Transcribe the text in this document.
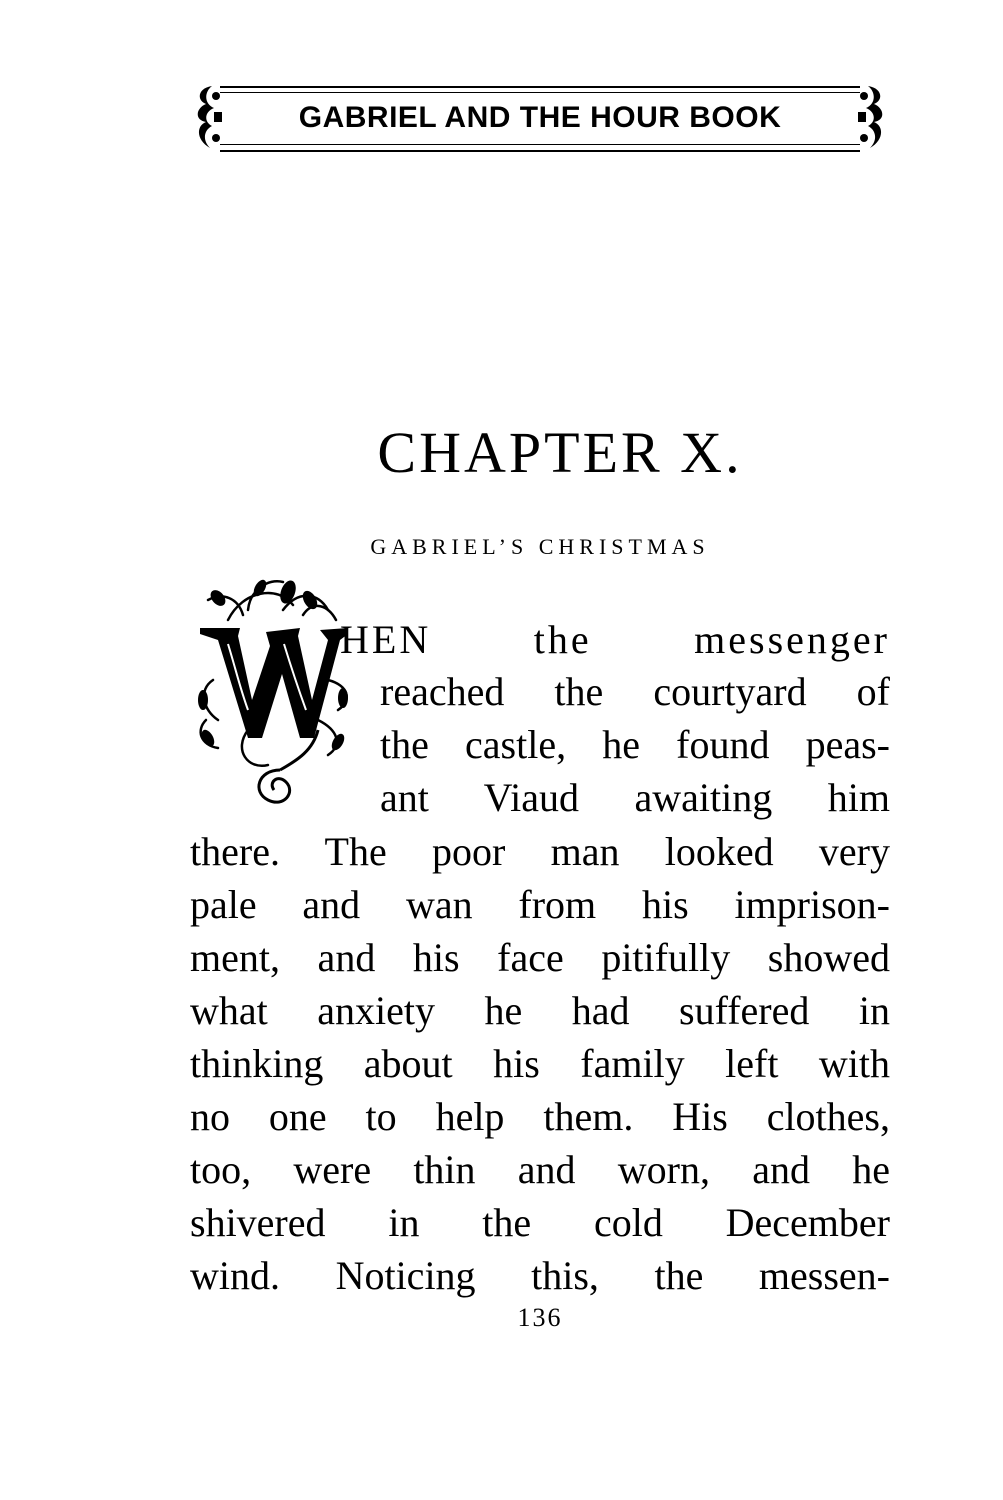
GABRIEL AND THE HOUR BOOK
CHAPTER X.
GABRIEL’S CHRISTMAS
HEN the messenger
reached the courtyard of
the castle, he found peas-
ant Viaud awaiting him
there. The poor man looked very
pale and wan from his imprison-
ment, and his face pitifully showed
what anxiety he had suffered in
thinking about his family left with
no one to help them. His clothes,
too, were thin and worn, and he
shivered in the cold December
wind. Noticing this, the messen-
136
